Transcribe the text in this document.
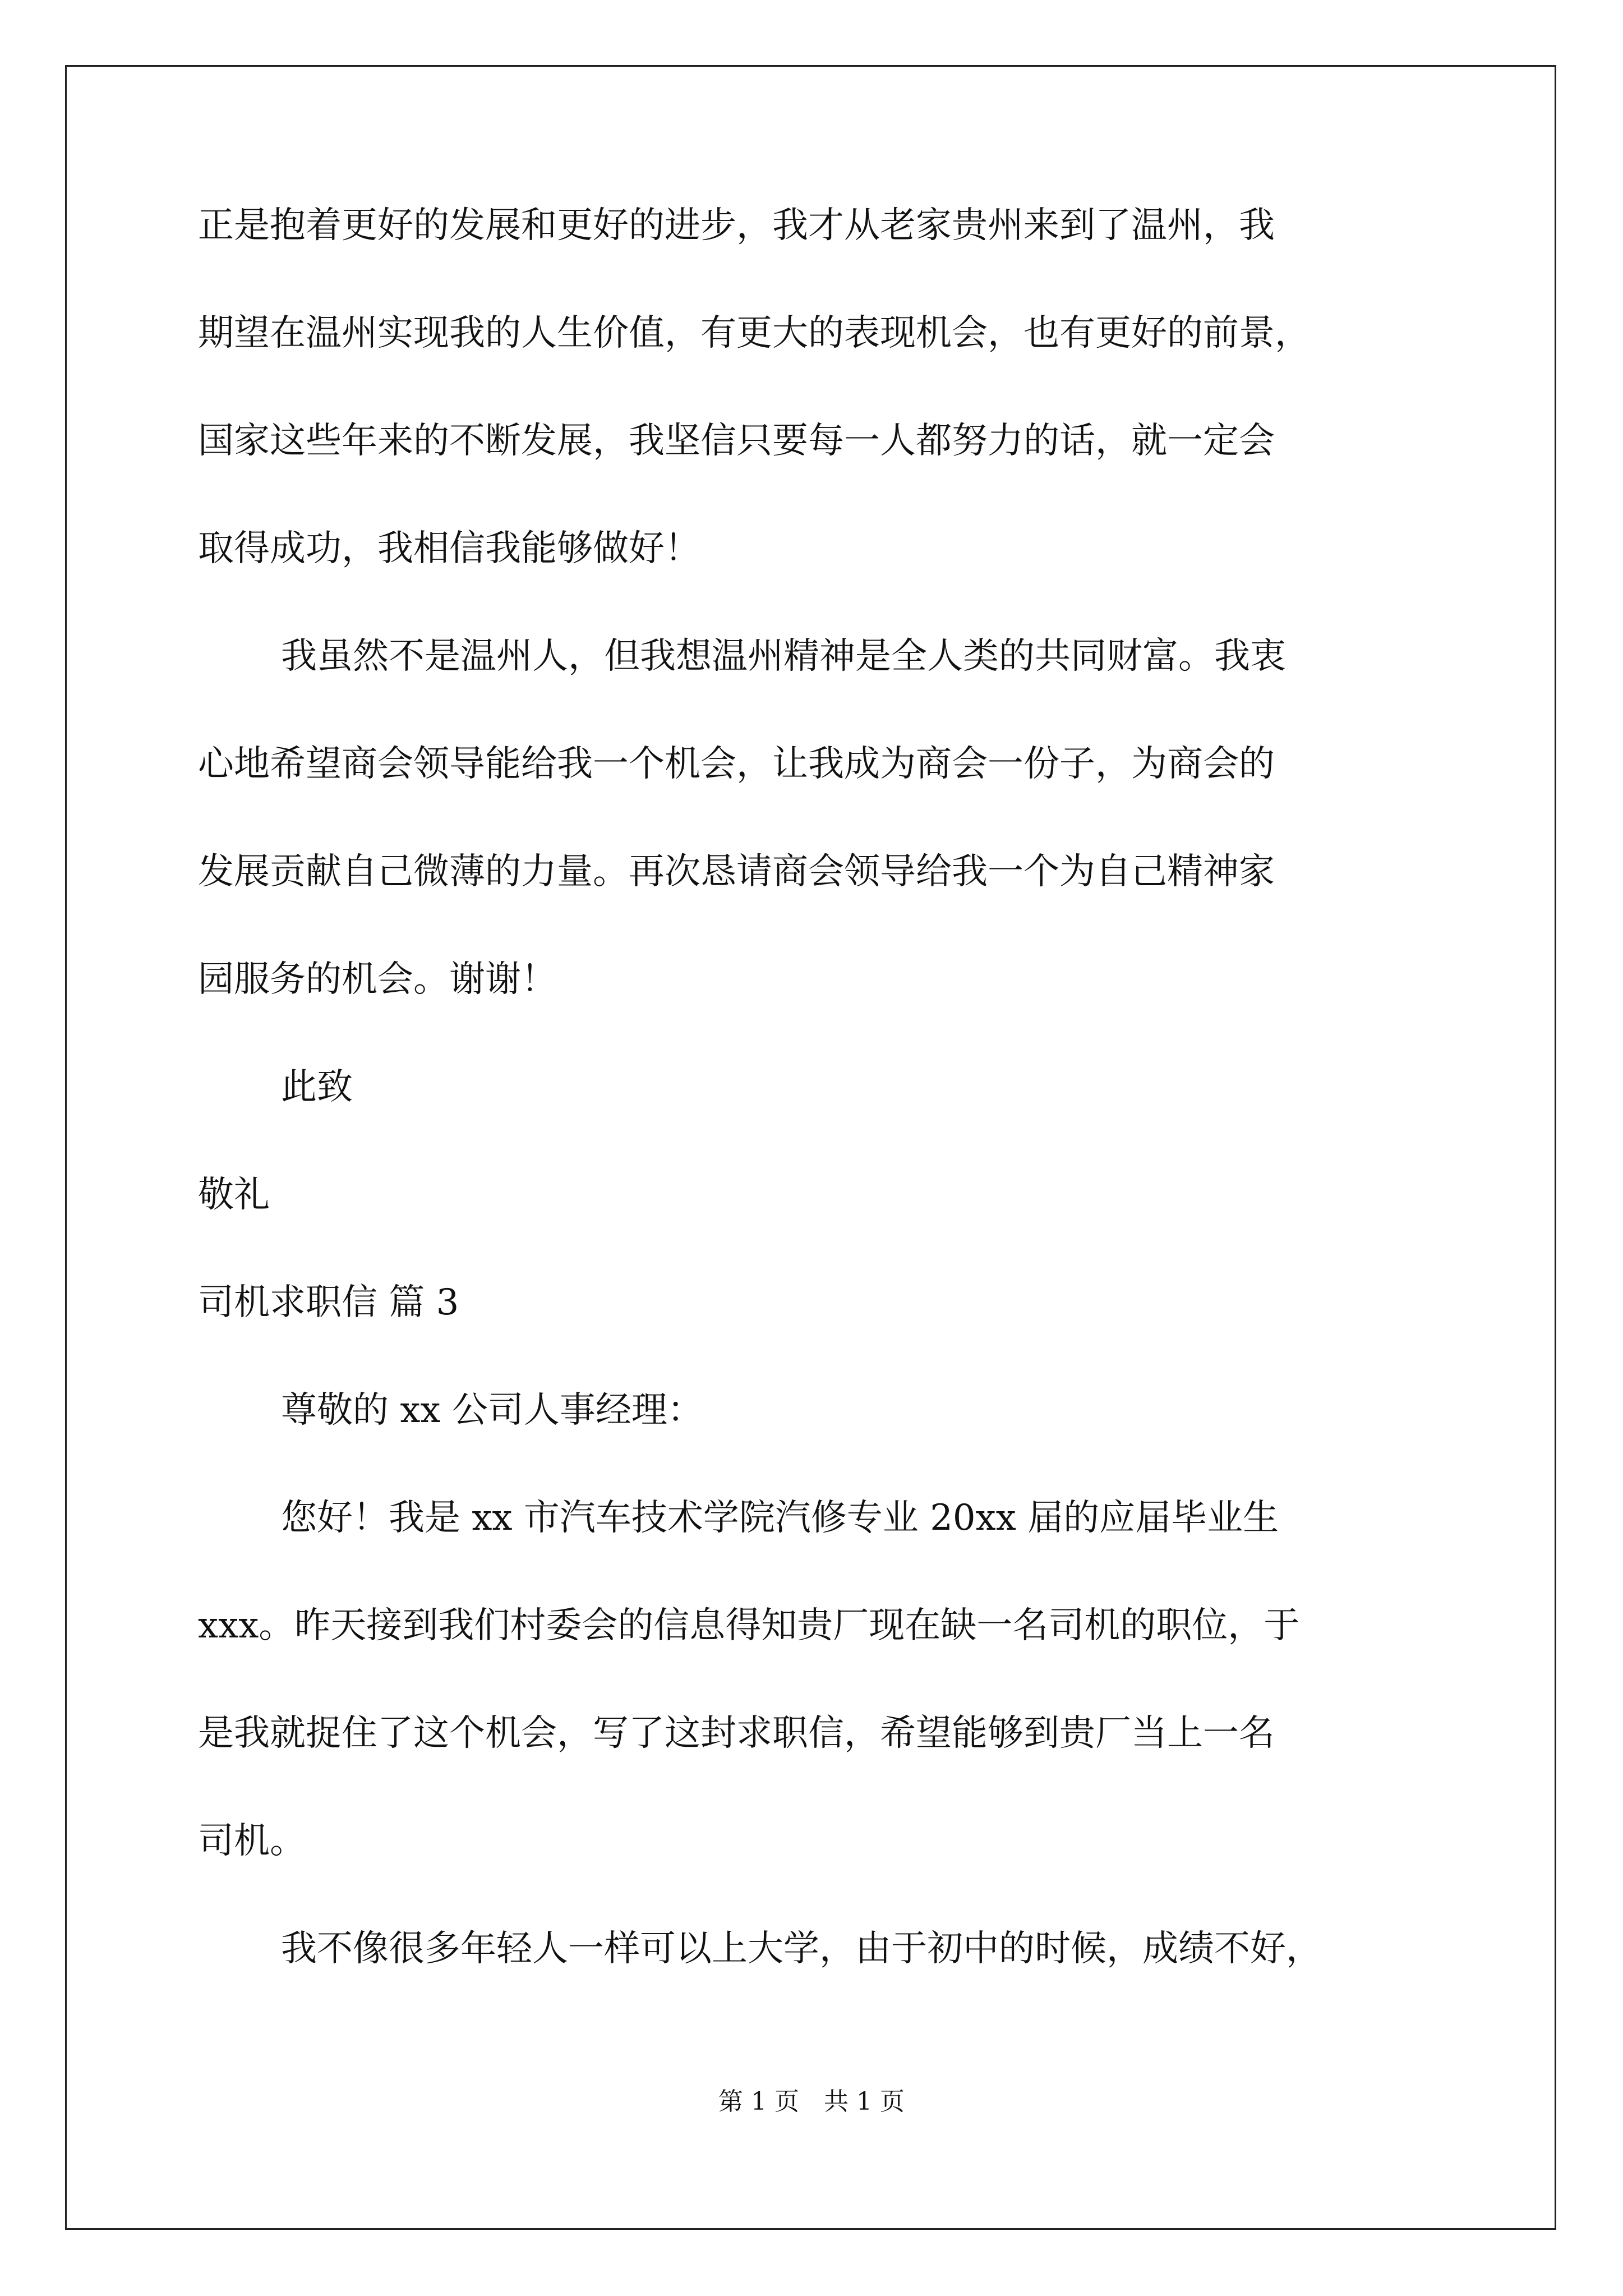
正是抱着更好的发展和更好的进步，我才从老家贵州来到了温州，我
期望在温州实现我的人生价值，有更大的表现机会，也有更好的前景，
国家这些年来的不断发展，我坚信只要每一人都努力的话，就一定会
取得成功，我相信我能够做好！
我虽然不是温州人，但我想温州精神是全人类的共同财富。我衷
心地希望商会领导能给我一个机会，让我成为商会一份子，为商会的
发展贡献自己微薄的力量。再次恳请商会领导给我一个为自己精神家
园服务的机会。谢谢！
此致
敬礼
司机求职信 篇 3
尊敬的 xx 公司人事经理：
您好！我是 xx 市汽车技术学院汽修专业 20xx 届的应届毕业生
xxx。昨天接到我们村委会的信息得知贵厂现在缺一名司机的职位，于
是我就捉住了这个机会，写了这封求职信，希望能够到贵厂当上一名
司机。
我不像很多年轻人一样可以上大学，由于初中的时候，成绩不好，
第 1 页　共 1 页
